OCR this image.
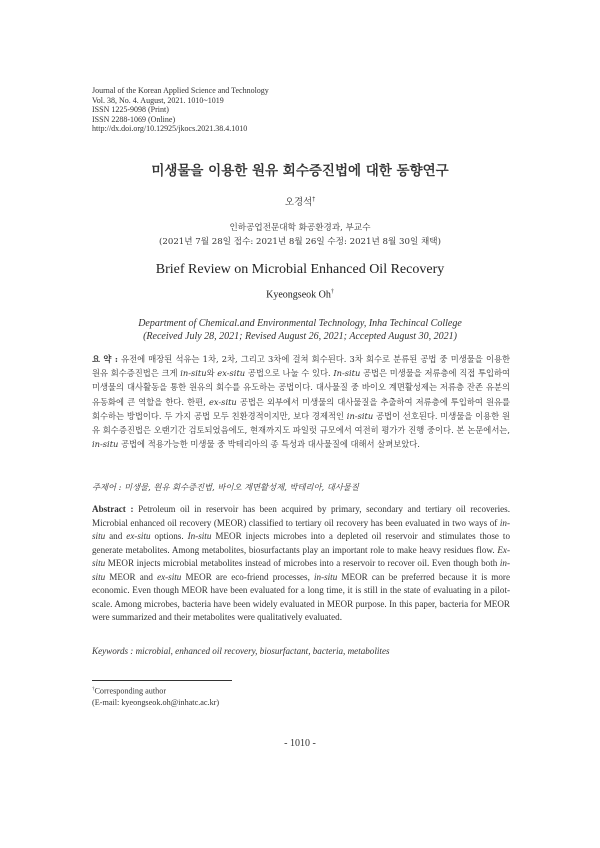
Journal of the Korean Applied Science and Technology
Vol. 38, No. 4. August, 2021. 1010~1019
ISSN 1225-9098 (Print)
ISSN 2288-1069 (Online)
http://dx.doi.org/10.12925/jkocs.2021.38.4.1010
미생물을 이용한 원유 회수증진법에 대한 동향연구
오경석†
인하공업전문대학 화공환경과, 부교수
(2021년 7월 28일 접수: 2021년 8월 26일 수정: 2021년 8월 30일 채택)
Brief Review on Microbial Enhanced Oil Recovery
Kyeongseok Oh†
Department of Chemical.and Environmental Technology, Inha Techincal College
(Received July 28, 2021; Revised August 26, 2021; Accepted August 30, 2021)
요 약 : 유전에 매장된 석유는 1차, 2차, 그리고 3차에 걸쳐 회수된다. 3차 회수로 분류된 공법 중 미생물을 이용한 원유 회수증진법은 크게 in-situ와 ex-situ 공법으로 나눌 수 있다. In-situ 공법은 미생물을 저류층에 직접 투입하여 미생물의 대사활동을 통한 원유의 회수를 유도하는 공법이다. 대사물질 중 바이오 계면활성제는 저류층 잔존 유분의 유동화에 큰 역할을 한다. 한편, ex-situ 공법은 외부에서 미생물의 대사물질을 추출하여 저류층에 투입하여 원유를 회수하는 방법이다. 두 가지 공법 모두 친환경적이지만, 보다 경제적인 in-situ 공법이 선호된다. 미생물을 이용한 원유 회수증진법은 오랜기간 검토되었음에도, 현재까지도 파일럿 규모에서 여전히 평가가 진행 중이다. 본 논문에서는, in-situ 공법에 적용가능한 미생물 중 박테리아의 종 특성과 대사물질에 대해서 살펴보았다.
주제어 : 미생물, 원유 회수증진법, 바이오 계면활성제, 박테리아, 대사물질
Abstract : Petroleum oil in reservoir has been acquired by primary, secondary and tertiary oil recoveries. Microbial enhanced oil recovery (MEOR) classified to tertiary oil recovery has been evaluated in two ways of in-situ and ex-situ options. In-situ MEOR injects microbes into a depleted oil reservoir and stimulates those to generate metabolites. Among metabolites, biosurfactants play an important role to make heavy residues flow. Ex-situ MEOR injects microbial metabolites instead of microbes into a reservoir to recover oil. Even though both in-situ MEOR and ex-situ MEOR are eco-friend processes, in-situ MEOR can be preferred because it is more economic. Even though MEOR have been evaluated for a long time, it is still in the state of evaluating in a pilot-scale. Among microbes, bacteria have been widely evaluated in MEOR purpose. In this paper, bacteria for MEOR were summarized and their metabolites were qualitatively evaluated.
Keywords : microbial, enhanced oil recovery, biosurfactant, bacteria, metabolites
†Corresponding author
(E-mail: kyeongseok.oh@inhatc.ac.kr)
- 1010 -
